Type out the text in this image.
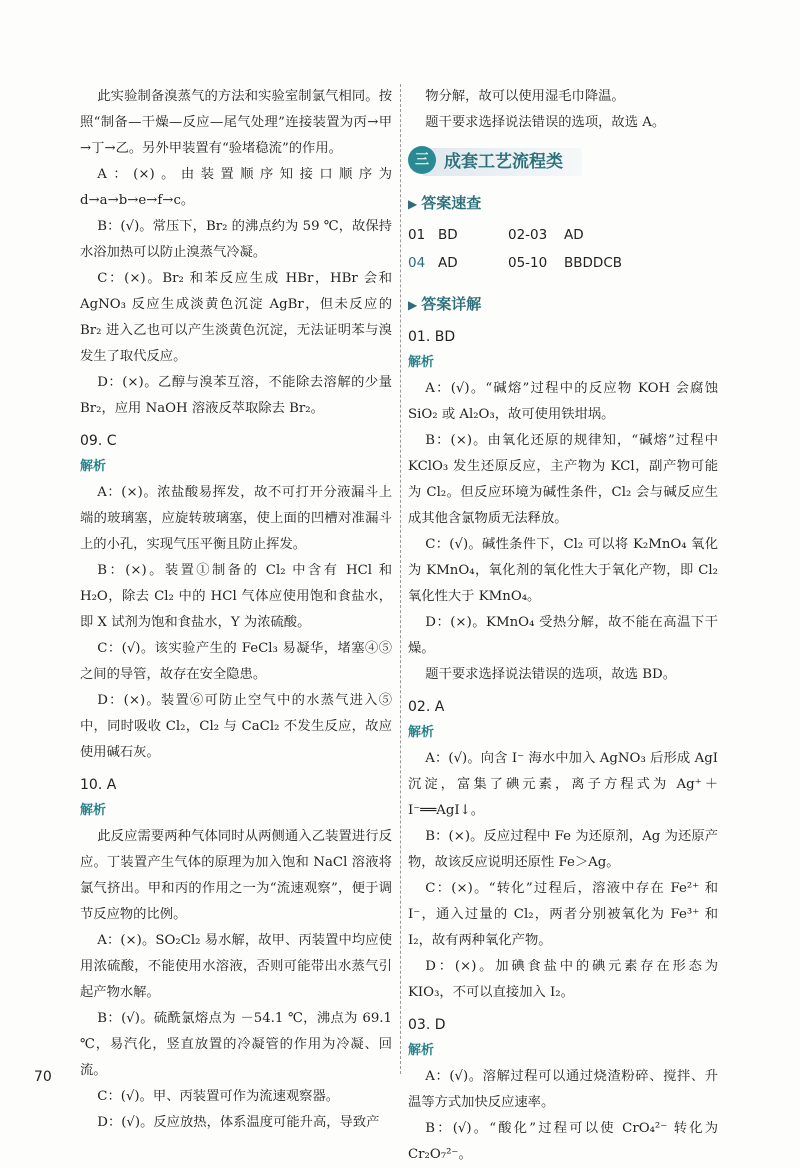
此实验制备溴蒸气的方法和实验室制氯气相同。按照“制备—干燥—反应—尾气处理”连接装置为丙→甲→丁→乙。另外甲装置有“验堵稳流”的作用。

A：(×)。由装置顺序知接口顺序为 d→a→b→e→f→c。

B：(√)。常压下，Br₂ 的沸点约为 59 ℃，故保持水浴加热可以防止溴蒸气冷凝。

C：(×)。Br₂ 和苯反应生成 HBr，HBr 会和 AgNO₃ 反应生成淡黄色沉淀 AgBr，但未反应的 Br₂ 进入乙也可以产生淡黄色沉淀，无法证明苯与溴发生了取代反应。

D：(×)。乙醇与溴苯互溶，不能除去溶解的少量 Br₂，应用 NaOH 溶液反萃取除去 Br₂。

09. C

解析

A：(×)。浓盐酸易挥发，故不可打开分液漏斗上端的玻璃塞，应旋转玻璃塞，使上面的凹槽对准漏斗上的小孔，实现气压平衡且防止挥发。

B：(×)。装置①制备的 Cl₂ 中含有 HCl 和 H₂O，除去 Cl₂ 中的 HCl 气体应使用饱和食盐水，即 X 试剂为饱和食盐水，Y 为浓硫酸。

C：(√)。该实验产生的 FeCl₃ 易凝华，堵塞④⑤之间的导管，故存在安全隐患。

D：(×)。装置⑥可防止空气中的水蒸气进入⑤中，同时吸收 Cl₂，Cl₂ 与 CaCl₂ 不发生反应，故应使用碱石灰。

10. A

解析

此反应需要两种气体同时从两侧通入乙装置进行反应。丁装置产生气体的原理为加入饱和 NaCl 溶液将氯气挤出。甲和丙的作用之一为“流速观察”，便于调节反应物的比例。

A：(×)。SO₂Cl₂ 易水解，故甲、丙装置中均应使用浓硫酸，不能使用水溶液，否则可能带出水蒸气引起产物水解。

B：(√)。硫酰氯熔点为 －54.1 ℃，沸点为 69.1 ℃，易汽化，竖直放置的冷凝管的作用为冷凝、回流。

C：(√)。甲、丙装置可作为流速观察器。

D：(√)。反应放热，体系温度可能升高，导致产

物分解，故可以使用湿毛巾降温。

题干要求选择说法错误的选项，故选 A。

三 成套工艺流程类
▶ 答案速查
01 BD	02-03	AD
04 AD	05-10	BBDDCB
▶ 答案详解

01. BD

解析

A：(√)。“碱熔”过程中的反应物 KOH 会腐蚀 SiO₂ 或 Al₂O₃，故可使用铁坩埚。

B：(×)。由氧化还原的规律知，“碱熔”过程中 KClO₃ 发生还原反应，主产物为 KCl，副产物可能为 Cl₂。但反应环境为碱性条件，Cl₂ 会与碱反应生成其他含氯物质无法释放。

C：(√)。碱性条件下，Cl₂ 可以将 K₂MnO₄ 氧化为 KMnO₄，氧化剂的氧化性大于氧化产物，即 Cl₂ 氧化性大于 KMnO₄。

D：(×)。KMnO₄ 受热分解，故不能在高温下干燥。

题干要求选择说法错误的选项，故选 BD。

02. A

解析

A：(√)。向含 I⁻ 海水中加入 AgNO₃ 后形成 AgI 沉淀，富集了碘元素，离子方程式为 Ag⁺＋I⁻══AgI↓。

B：(×)。反应过程中 Fe 为还原剂，Ag 为还原产物，故该反应说明还原性 Fe＞Ag。

C：(×)。“转化”过程后，溶液中存在 Fe²⁺ 和 I⁻，通入过量的 Cl₂，两者分别被氧化为 Fe³⁺ 和 I₂，故有两种氧化产物。

D：(×)。加碘食盐中的碘元素存在形态为 KIO₃，不可以直接加入 I₂。

03. D

解析

A：(√)。溶解过程可以通过烧渣粉碎、搅拌、升温等方式加快反应速率。

B：(√)。“酸化”过程可以使 CrO₄²⁻ 转化为 Cr₂O₇²⁻。

70
